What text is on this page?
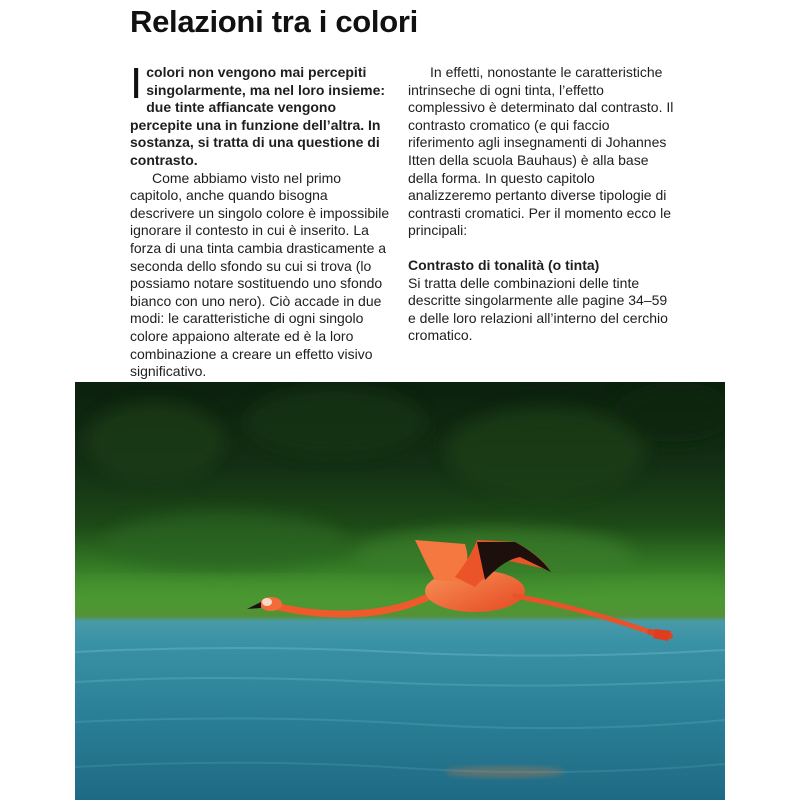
Relazioni tra i colori

Icolori non vengono mai percepiti singolarmente, ma nel loro insieme: due tinte affiancate vengono percepite una in funzione dell’altra. In sostanza, si tratta di una questione di contrasto.

Come abbiamo visto nel primo capitolo, anche quando bisogna descrivere un singolo colore è impossibile ignorare il contesto in cui è inserito. La forza di una tinta cambia drasticamente a seconda dello sfondo su cui si trova (lo possiamo notare sostituendo uno sfondo bianco con uno nero). Ciò accade in due modi: le caratteristiche di ogni singolo colore appaiono alterate ed è la loro combinazione a creare un effetto visivo significativo.

In effetti, nonostante le caratteristiche intrinseche di ogni tinta, l’effetto complessivo è determinato dal contrasto. Il contrasto cromatico (e qui faccio riferimento agli insegnamenti di Johannes Itten della scuola Bauhaus) è alla base della forma. In questo capitolo analizzeremo pertanto diverse tipologie di contrasti cromatici. Per il momento ecco le principali:

Contrasto di tonalità (o tinta)

Si tratta delle combinazioni delle tinte descritte singolarmente alle pagine 34–59 e delle loro relazioni all’interno del cerchio cromatico.
